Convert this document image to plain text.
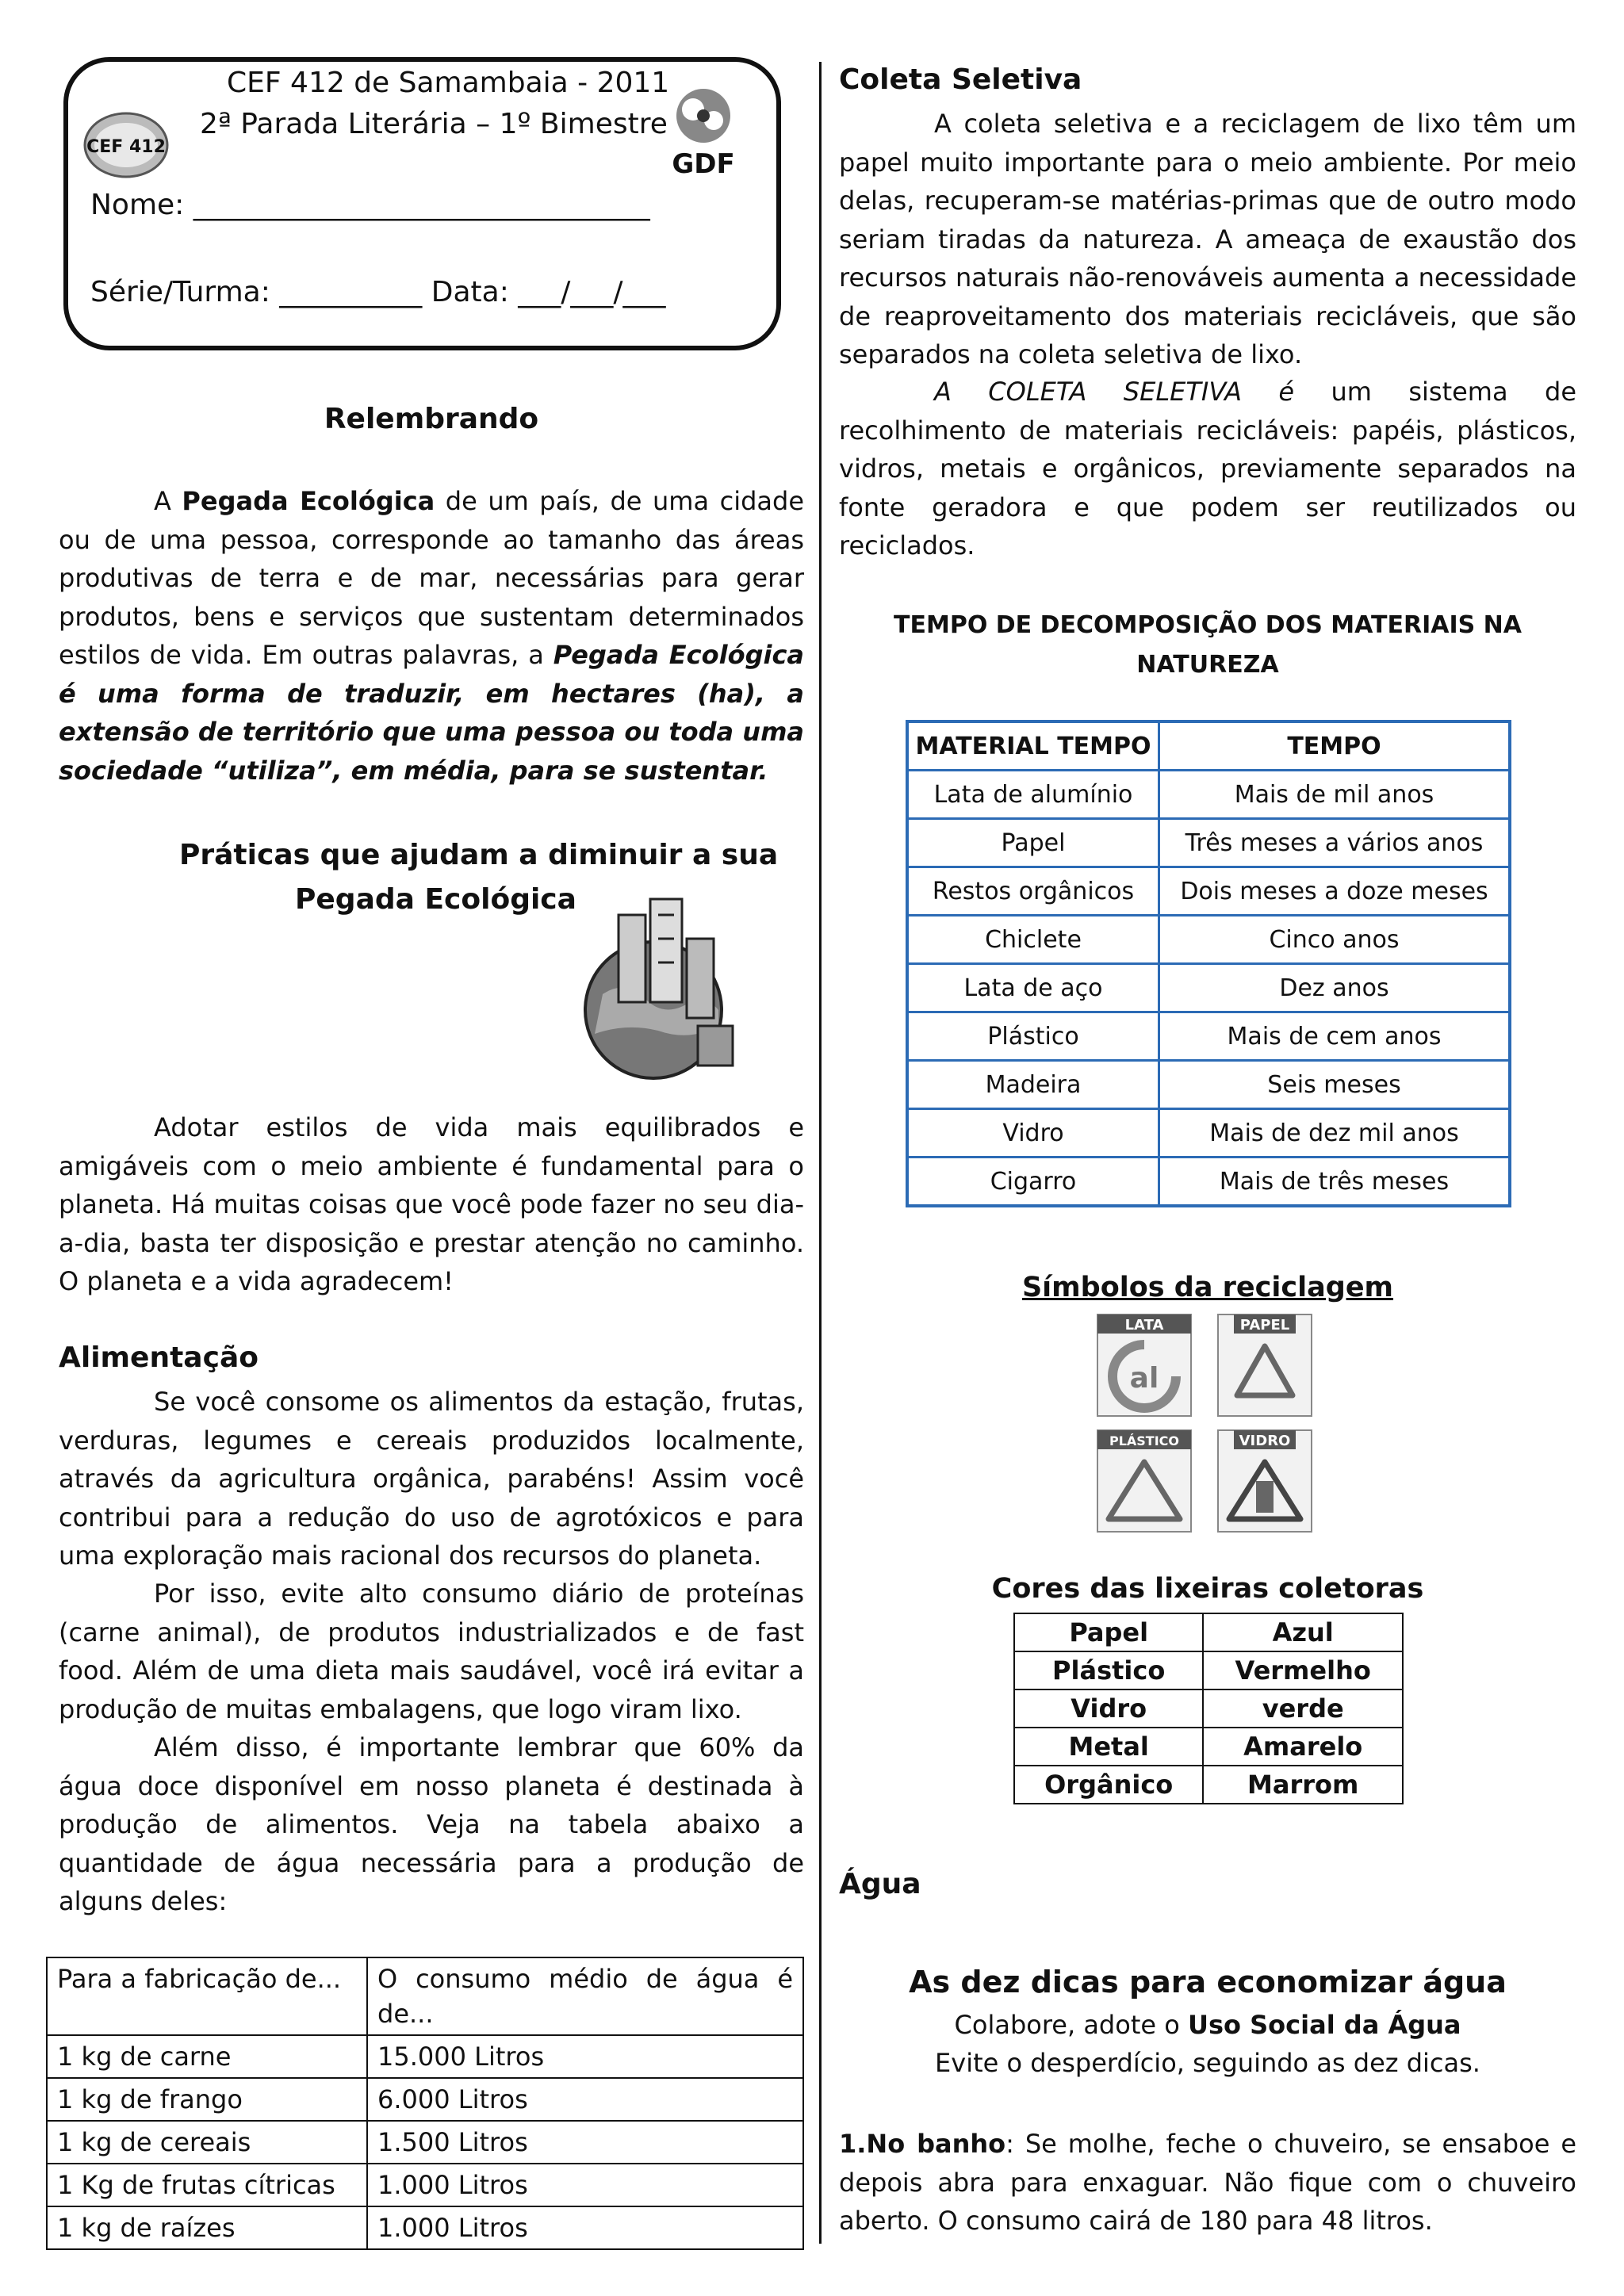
CEF 412
CEF 412 de Samambaia - 2011
2ª Parada Literária – 1º Bimestre
GDF
Nome: ________________________________
Série/Turma: __________ Data: ___/___/___
Relembrando

A Pegada Ecológica de um país, de uma cidade ou de uma pessoa, corresponde ao tamanho das áreas produtivas de terra e de mar, necessárias para gerar produtos, bens e serviços que sustentam determinados estilos de vida. Em outras palavras, a Pegada Ecológica é uma forma de traduzir, em hectares (ha), a extensão de território que uma pessoa ou toda uma sociedade “utiliza”, em média, para se sustentar.

Práticas que ajudam a diminuir a sua
Pegada Ecológica

Adotar estilos de vida mais equilibrados e amigáveis com o meio ambiente é fundamental para o planeta. Há muitas coisas que você pode fazer no seu dia-a-dia, basta ter disposição e prestar atenção no caminho. O planeta e a vida agradecem!

Alimentação

Se você consome os alimentos da estação, frutas, verduras, legumes e cereais produzidos localmente, através da agricultura orgânica, parabéns! Assim você contribui para a redução do uso de agrotóxicos e para uma exploração mais racional dos recursos do planeta.

Por isso, evite alto consumo diário de proteínas (carne animal), de produtos industrializados e de fast food. Além de uma dieta mais saudável, você irá evitar a produção de muitas embalagens, que logo viram lixo.

Além disso, é importante lembrar que 60% da água doce disponível em nosso planeta é destinada à produção de alimentos. Veja na tabela abaixo a quantidade de água necessária para a produção de alguns deles:

Para a fabricação de...	O consumo médio de água é de...
1 kg de carne	15.000 Litros
1 kg de frango	6.000 Litros
1 kg de cereais	1.500 Litros
1 Kg de frutas cítricas	1.000 Litros
1 kg de raízes	1.000 Litros
Coleta Seletiva

A coleta seletiva e a reciclagem de lixo têm um papel muito importante para o meio ambiente. Por meio delas, recuperam-se matérias-primas que de outro modo seriam tiradas da natureza. A ameaça de exaustão dos recursos naturais não-renováveis aumenta a necessidade de reaproveitamento dos materiais recicláveis, que são separados na coleta seletiva de lixo.

A COLETA SELETIVA é um sistema de recolhimento de materiais recicláveis: papéis, plásticos, vidros, metais e orgânicos, previamente separados na fonte geradora e que podem ser reutilizados ou reciclados.

TEMPO DE DECOMPOSIÇÃO DOS MATERIAIS NA NATUREZA
MATERIAL TEMPO	TEMPO
Lata de alumínio	Mais de mil anos
Papel	Três meses a vários anos
Restos orgânicos	Dois meses a doze meses
Chiclete	Cinco anos
Lata de aço	Dez anos
Plástico	Mais de cem anos
Madeira	Seis meses
Vidro	Mais de dez mil anos
Cigarro	Mais de três meses
Símbolos da reciclagem
LATA
al
PAPEL
PLÁSTICO	VIDRO
Cores das lixeiras coletoras
Papel	Azul
Plástico	Vermelho
Vidro	verde
Metal	Amarelo
Orgânico	Marrom
Água
As dez dicas para economizar água
Colabore, adote o Uso Social da Água
Evite o desperdício, seguindo as dez dicas.

1.No banho: Se molhe, feche o chuveiro, se ensaboe e depois abra para enxaguar. Não fique com o chuveiro aberto. O consumo cairá de 180 para 48 litros.
